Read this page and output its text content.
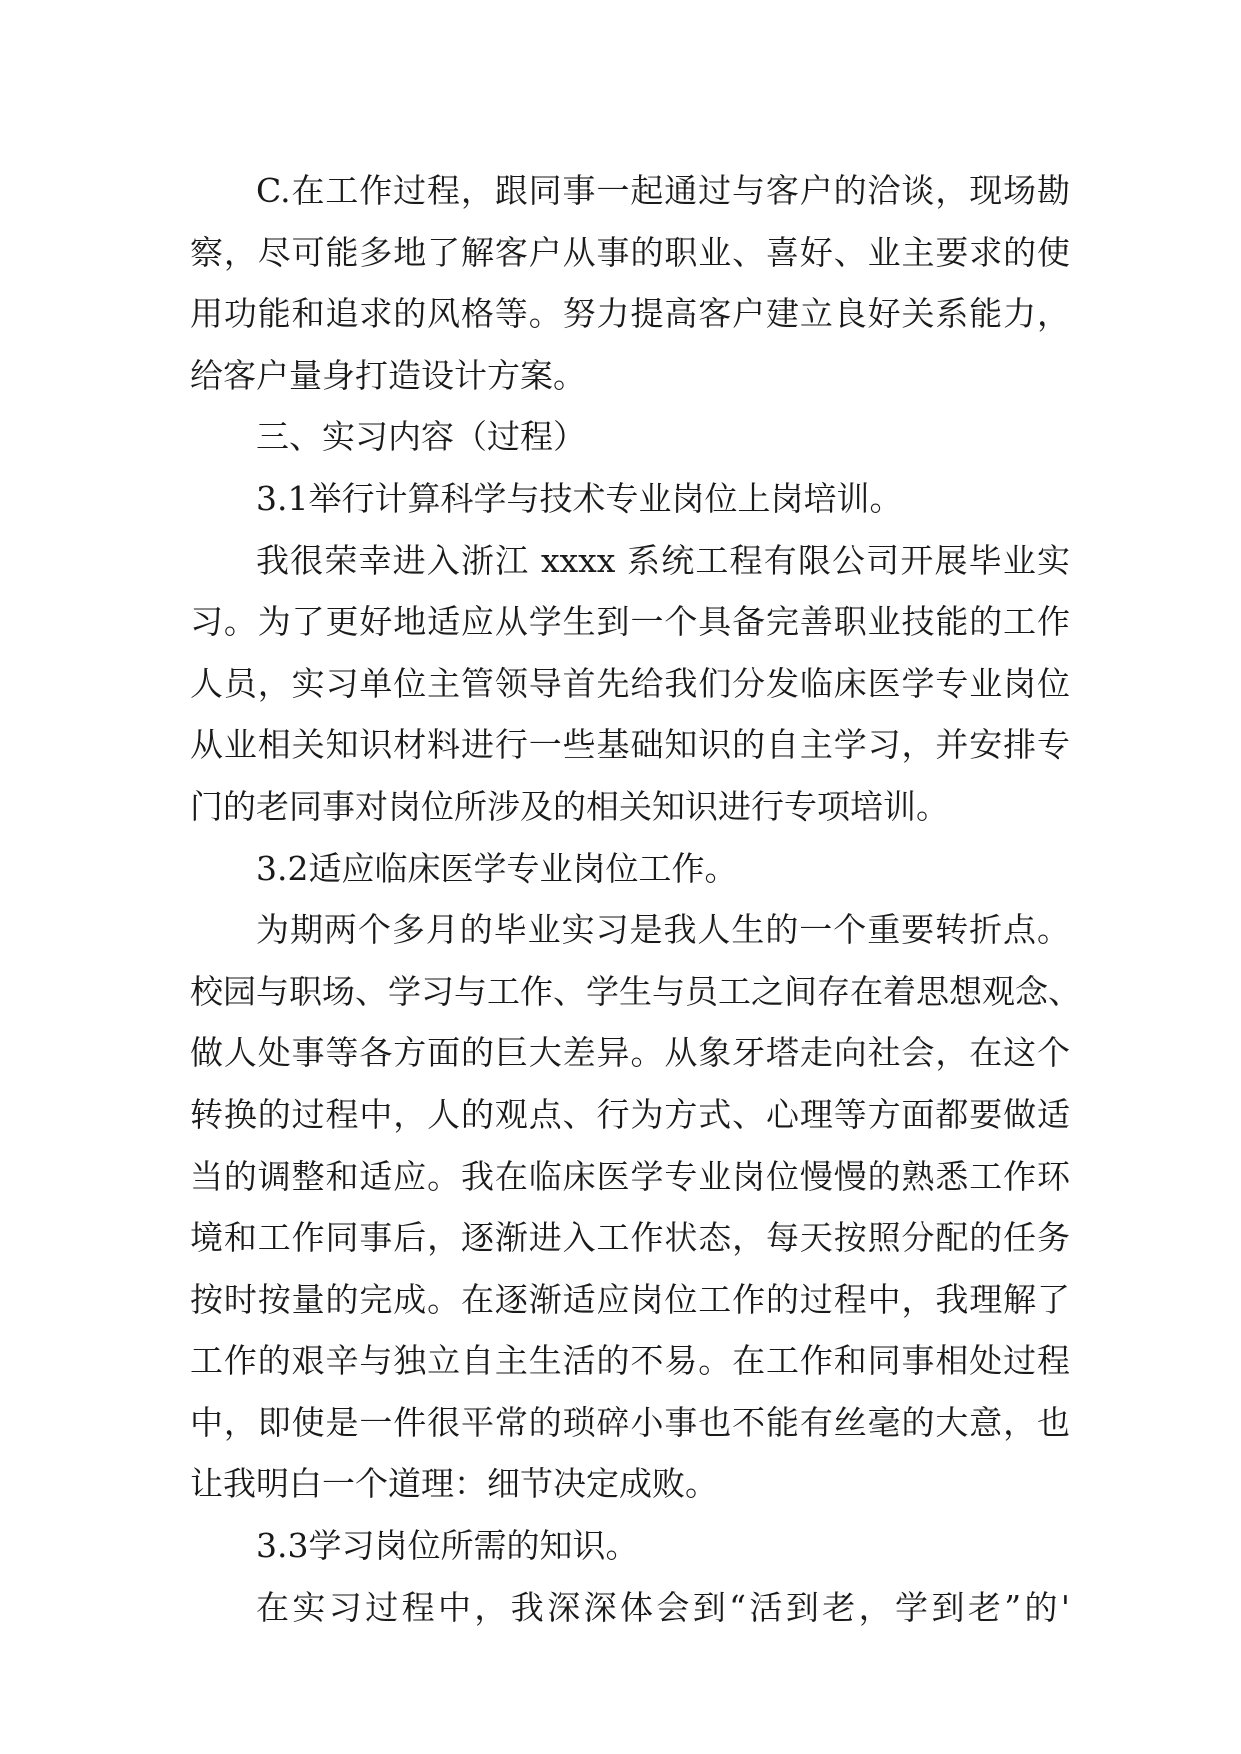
C.在工作过程，跟同事一起通过与客户的洽谈，现场勘
察，尽可能多地了解客户从事的职业、喜好、业主要求的使
用功能和追求的风格等。努力提高客户建立良好关系能力，
给客户量身打造设计方案。
三、实习内容（过程）
3.1举行计算科学与技术专业岗位上岗培训。
我很荣幸进入浙江 xxxx 系统工程有限公司开展毕业实
习。为了更好地适应从学生到一个具备完善职业技能的工作
人员，实习单位主管领导首先给我们分发临床医学专业岗位
从业相关知识材料进行一些基础知识的自主学习，并安排专
门的老同事对岗位所涉及的相关知识进行专项培训。
3.2适应临床医学专业岗位工作。
为期两个多月的毕业实习是我人生的一个重要转折点。
校园与职场、学习与工作、学生与员工之间存在着思想观念、
做人处事等各方面的巨大差异。从象牙塔走向社会，在这个
转换的过程中，人的观点、行为方式、心理等方面都要做适
当的调整和适应。我在临床医学专业岗位慢慢的熟悉工作环
境和工作同事后，逐渐进入工作状态，每天按照分配的任务
按时按量的完成。在逐渐适应岗位工作的过程中，我理解了
工作的艰辛与独立自主生活的不易。在工作和同事相处过程
中，即使是一件很平常的琐碎小事也不能有丝毫的大意，也
让我明白一个道理：细节决定成败。
3.3学习岗位所需的知识。
在实习过程中，我深深体会到“活到老，学到老”的'
